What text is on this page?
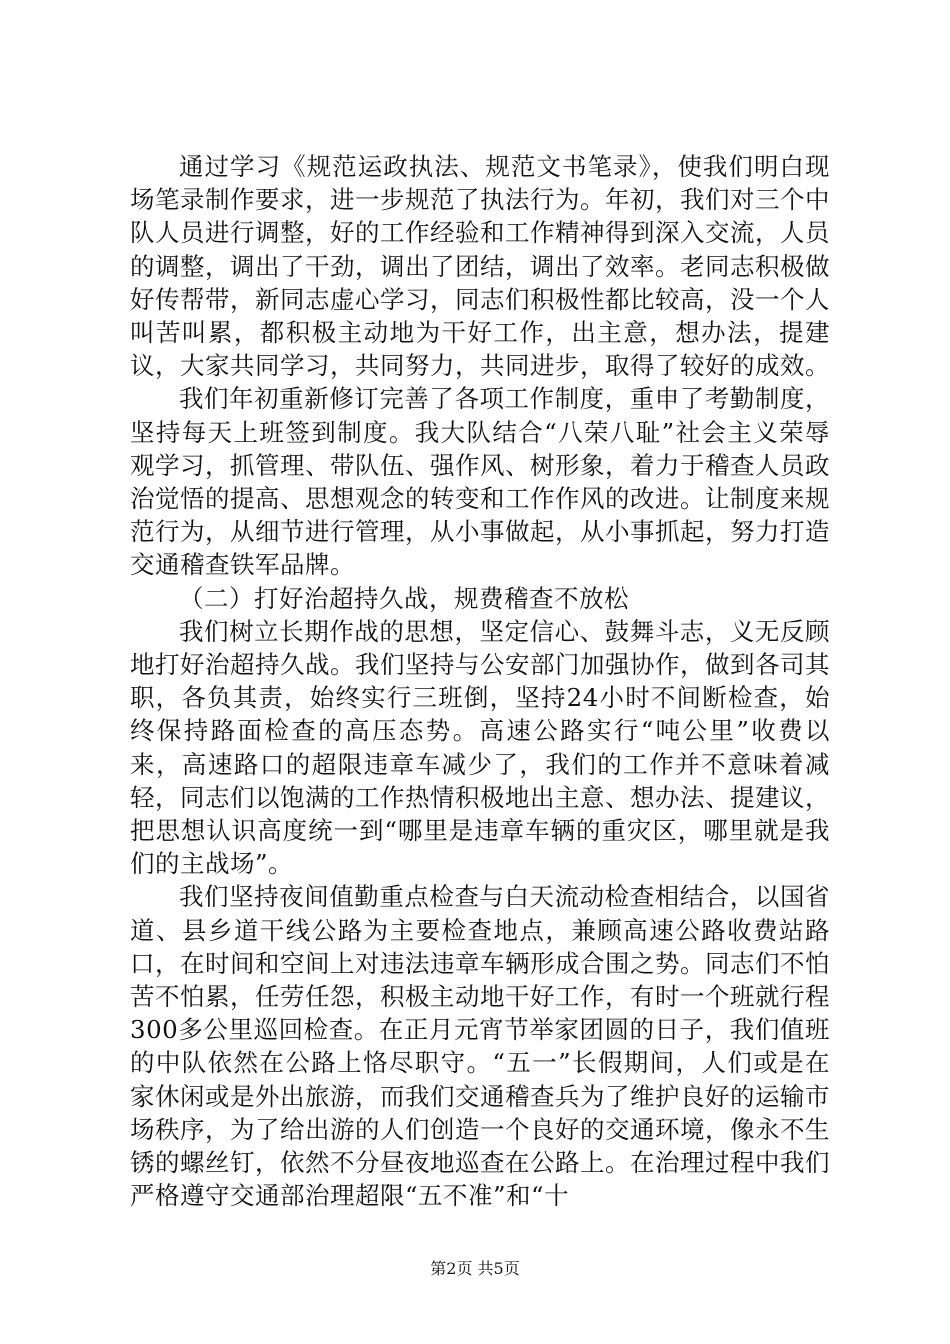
通过学习《规范运政执法、规范文书笔录》，使我们明白现场笔录制作要求，进一步规范了执法行为。年初，我们对三个中队人员进行调整，好的工作经验和工作精神得到深入交流，人员的调整，调出了干劲，调出了团结，调出了效率。老同志积极做好传帮带，新同志虚心学习，同志们积极性都比较高，没一个人叫苦叫累，都积极主动地为干好工作，出主意，想办法，提建议，大家共同学习，共同努力，共同进步，取得了较好的成效。

我们年初重新修订完善了各项工作制度，重申了考勤制度，坚持每天上班签到制度。我大队结合“八荣八耻”社会主义荣辱观学习，抓管理、带队伍、强作风、树形象，着力于稽查人员政治觉悟的提高、思想观念的转变和工作作风的改进。让制度来规范行为，从细节进行管理，从小事做起，从小事抓起，努力打造交通稽查铁军品牌。

（二）打好治超持久战，规费稽查不放松

我们树立长期作战的思想，坚定信心、鼓舞斗志，义无反顾地打好治超持久战。我们坚持与公安部门加强协作，做到各司其职，各负其责，始终实行三班倒，坚持24小时不间断检查，始终保持路面检查的高压态势。高速公路实行“吨公里”收费以来，高速路口的超限违章车减少了，我们的工作并不意味着减轻，同志们以饱满的工作热情积极地出主意、想办法、提建议，把思想认识高度统一到“哪里是违章车辆的重灾区，哪里就是我们的主战场”。

我们坚持夜间值勤重点检查与白天流动检查相结合，以国省道、县乡道干线公路为主要检查地点，兼顾高速公路收费站路口，在时间和空间上对违法违章车辆形成合围之势。同志们不怕苦不怕累，任劳任怨，积极主动地干好工作，有时一个班就行程300多公里巡回检查。在正月元宵节举家团圆的日子，我们值班的中队依然在公路上恪尽职守。“五一”长假期间，人们或是在家休闲或是外出旅游，而我们交通稽查兵为了维护良好的运输市场秩序，为了给出游的人们创造一个良好的交通环境，像永不生锈的螺丝钉，依然不分昼夜地巡查在公路上。在治理过程中我们严格遵守交通部治理超限“五不准”和“十

第2页 共5页
